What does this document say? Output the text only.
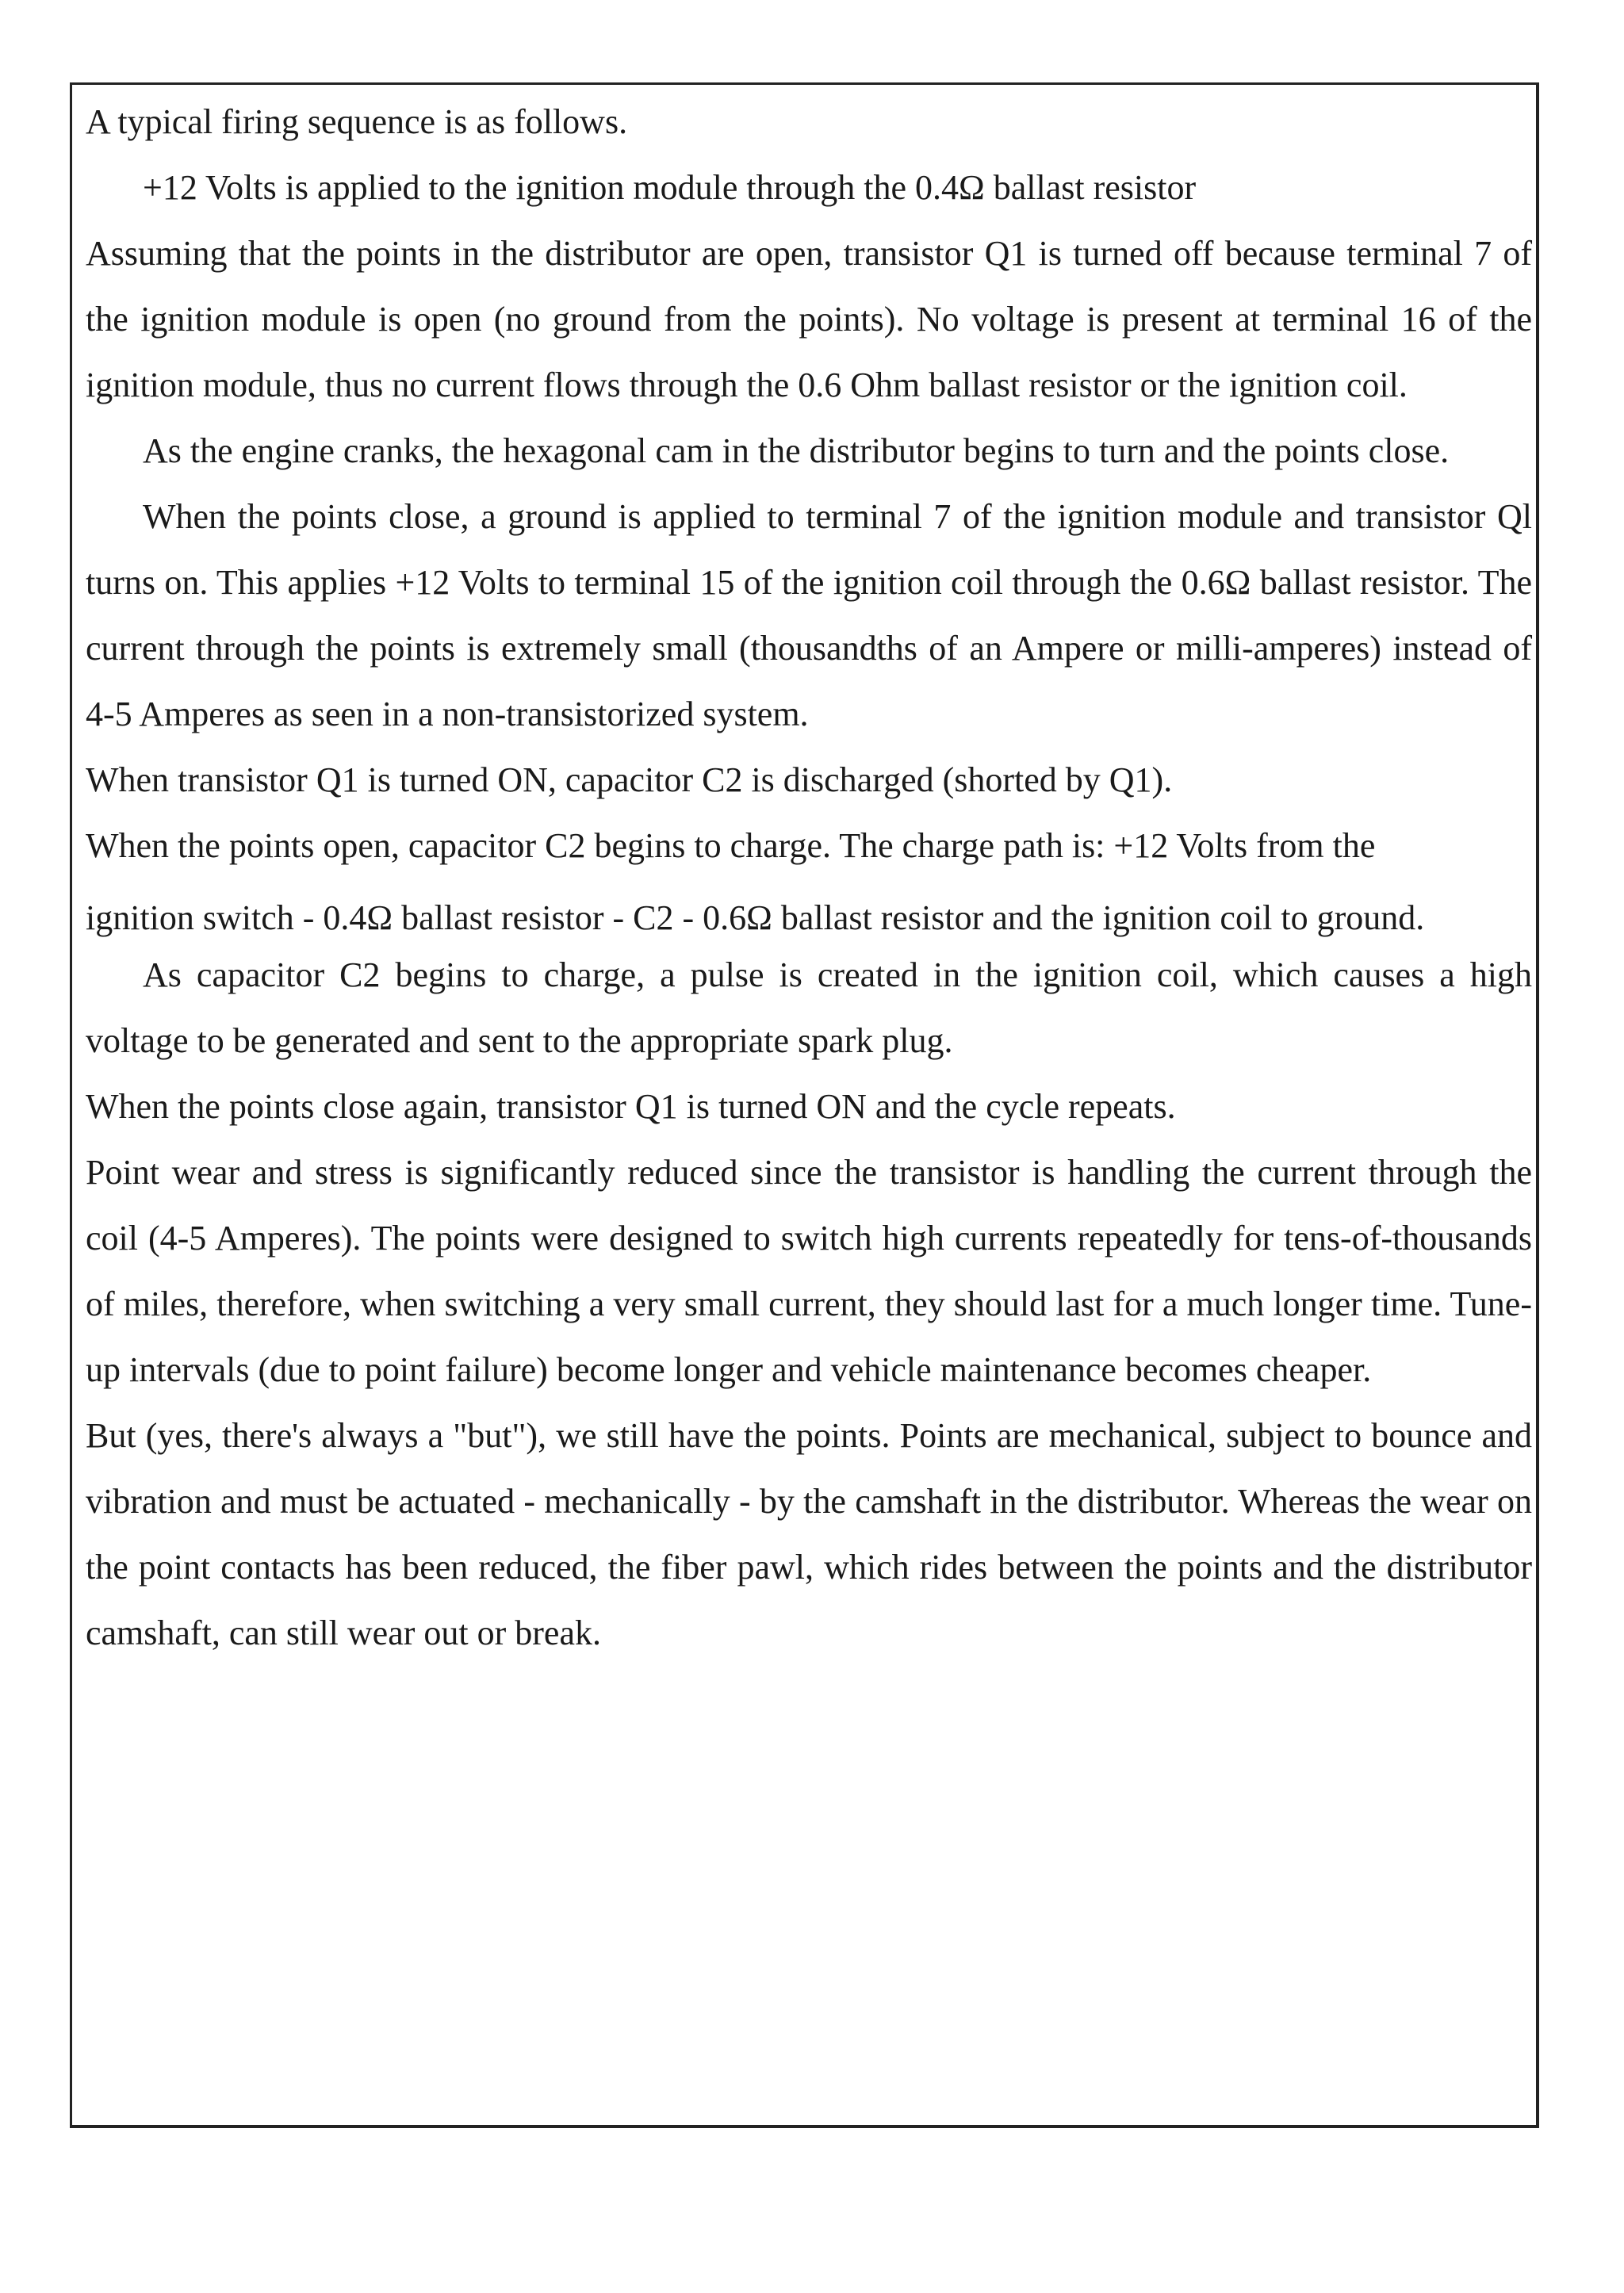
A typical firing sequence is as follows.

+12 Volts is applied to the ignition module through the 0.4Ω ballast resistor

Assuming that the points in the distributor are open, transistor Q1 is turned off because terminal 7 of the ignition module is open (no ground from the points). No voltage is present at terminal 16 of the ignition module, thus no current flows through the 0.6 Ohm ballast resistor or the ignition coil.

As the engine cranks, the hexagonal cam in the distributor begins to turn and the points close.

When the points close, a ground is applied to terminal 7 of the ignition module and transistor Ql turns on. This applies +12 Volts to terminal 15 of the ignition coil through the 0.6Ω ballast resistor. The current through the points is extremely small (thousandths of an Ampere or milli-amperes) instead of 4-5 Amperes as seen in a non-transistorized system.

When transistor Q1 is turned ON, capacitor C2 is discharged (shorted by Q1).

When the points open, capacitor C2 begins to charge. The charge path is: +12 Volts from the

ignition switch - 0.4Ω ballast resistor - C2 - 0.6Ω ballast resistor and the ignition coil to ground.

As capacitor C2 begins to charge, a pulse is created in the ignition coil, which causes a high voltage to be generated and sent to the appropriate spark plug.

When the points close again, transistor Q1 is turned ON and the cycle repeats.

Point wear and stress is significantly reduced since the transistor is handling the current through the coil (4-5 Amperes). The points were designed to switch high currents repeatedly for tens-of-thousands of miles, therefore, when switching a very small current, they should last for a much longer time. Tune-up intervals (due to point failure) become longer and vehicle maintenance becomes cheaper.

But (yes, there's always a "but"), we still have the points. Points are mechanical, subject to bounce and vibration and must be actuated - mechanically - by the camshaft in the distributor. Whereas the wear on the point contacts has been reduced, the fiber pawl, which rides between the points and the distributor camshaft, can still wear out or break.
